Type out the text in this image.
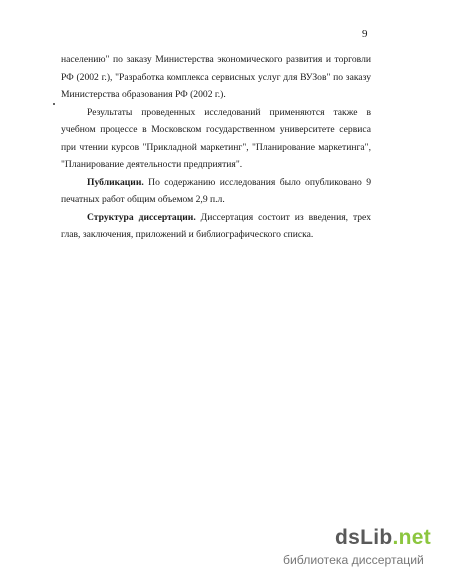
9

населению" по заказу Министерства экономического развития и торговли РФ (2002 г.), "Разработка комплекса сервисных услуг для ВУЗов" по заказу Министерства образования РФ (2002 г.).

Результаты проведенных исследований применяются также в учебном процессе в Московском государственном университете сервиса при чтении курсов "Прикладной маркетинг", "Планирование маркетинга", "Планирование деятельности предприятия".

Публикации. По содержанию исследования было опубликовано 9 печатных работ общим объемом 2,9 п.л.

Структура диссертации. Диссертация состоит из введения, трех глав, заключения, приложений и библиографического списка.

dsLib.net
библиотека диссертаций
